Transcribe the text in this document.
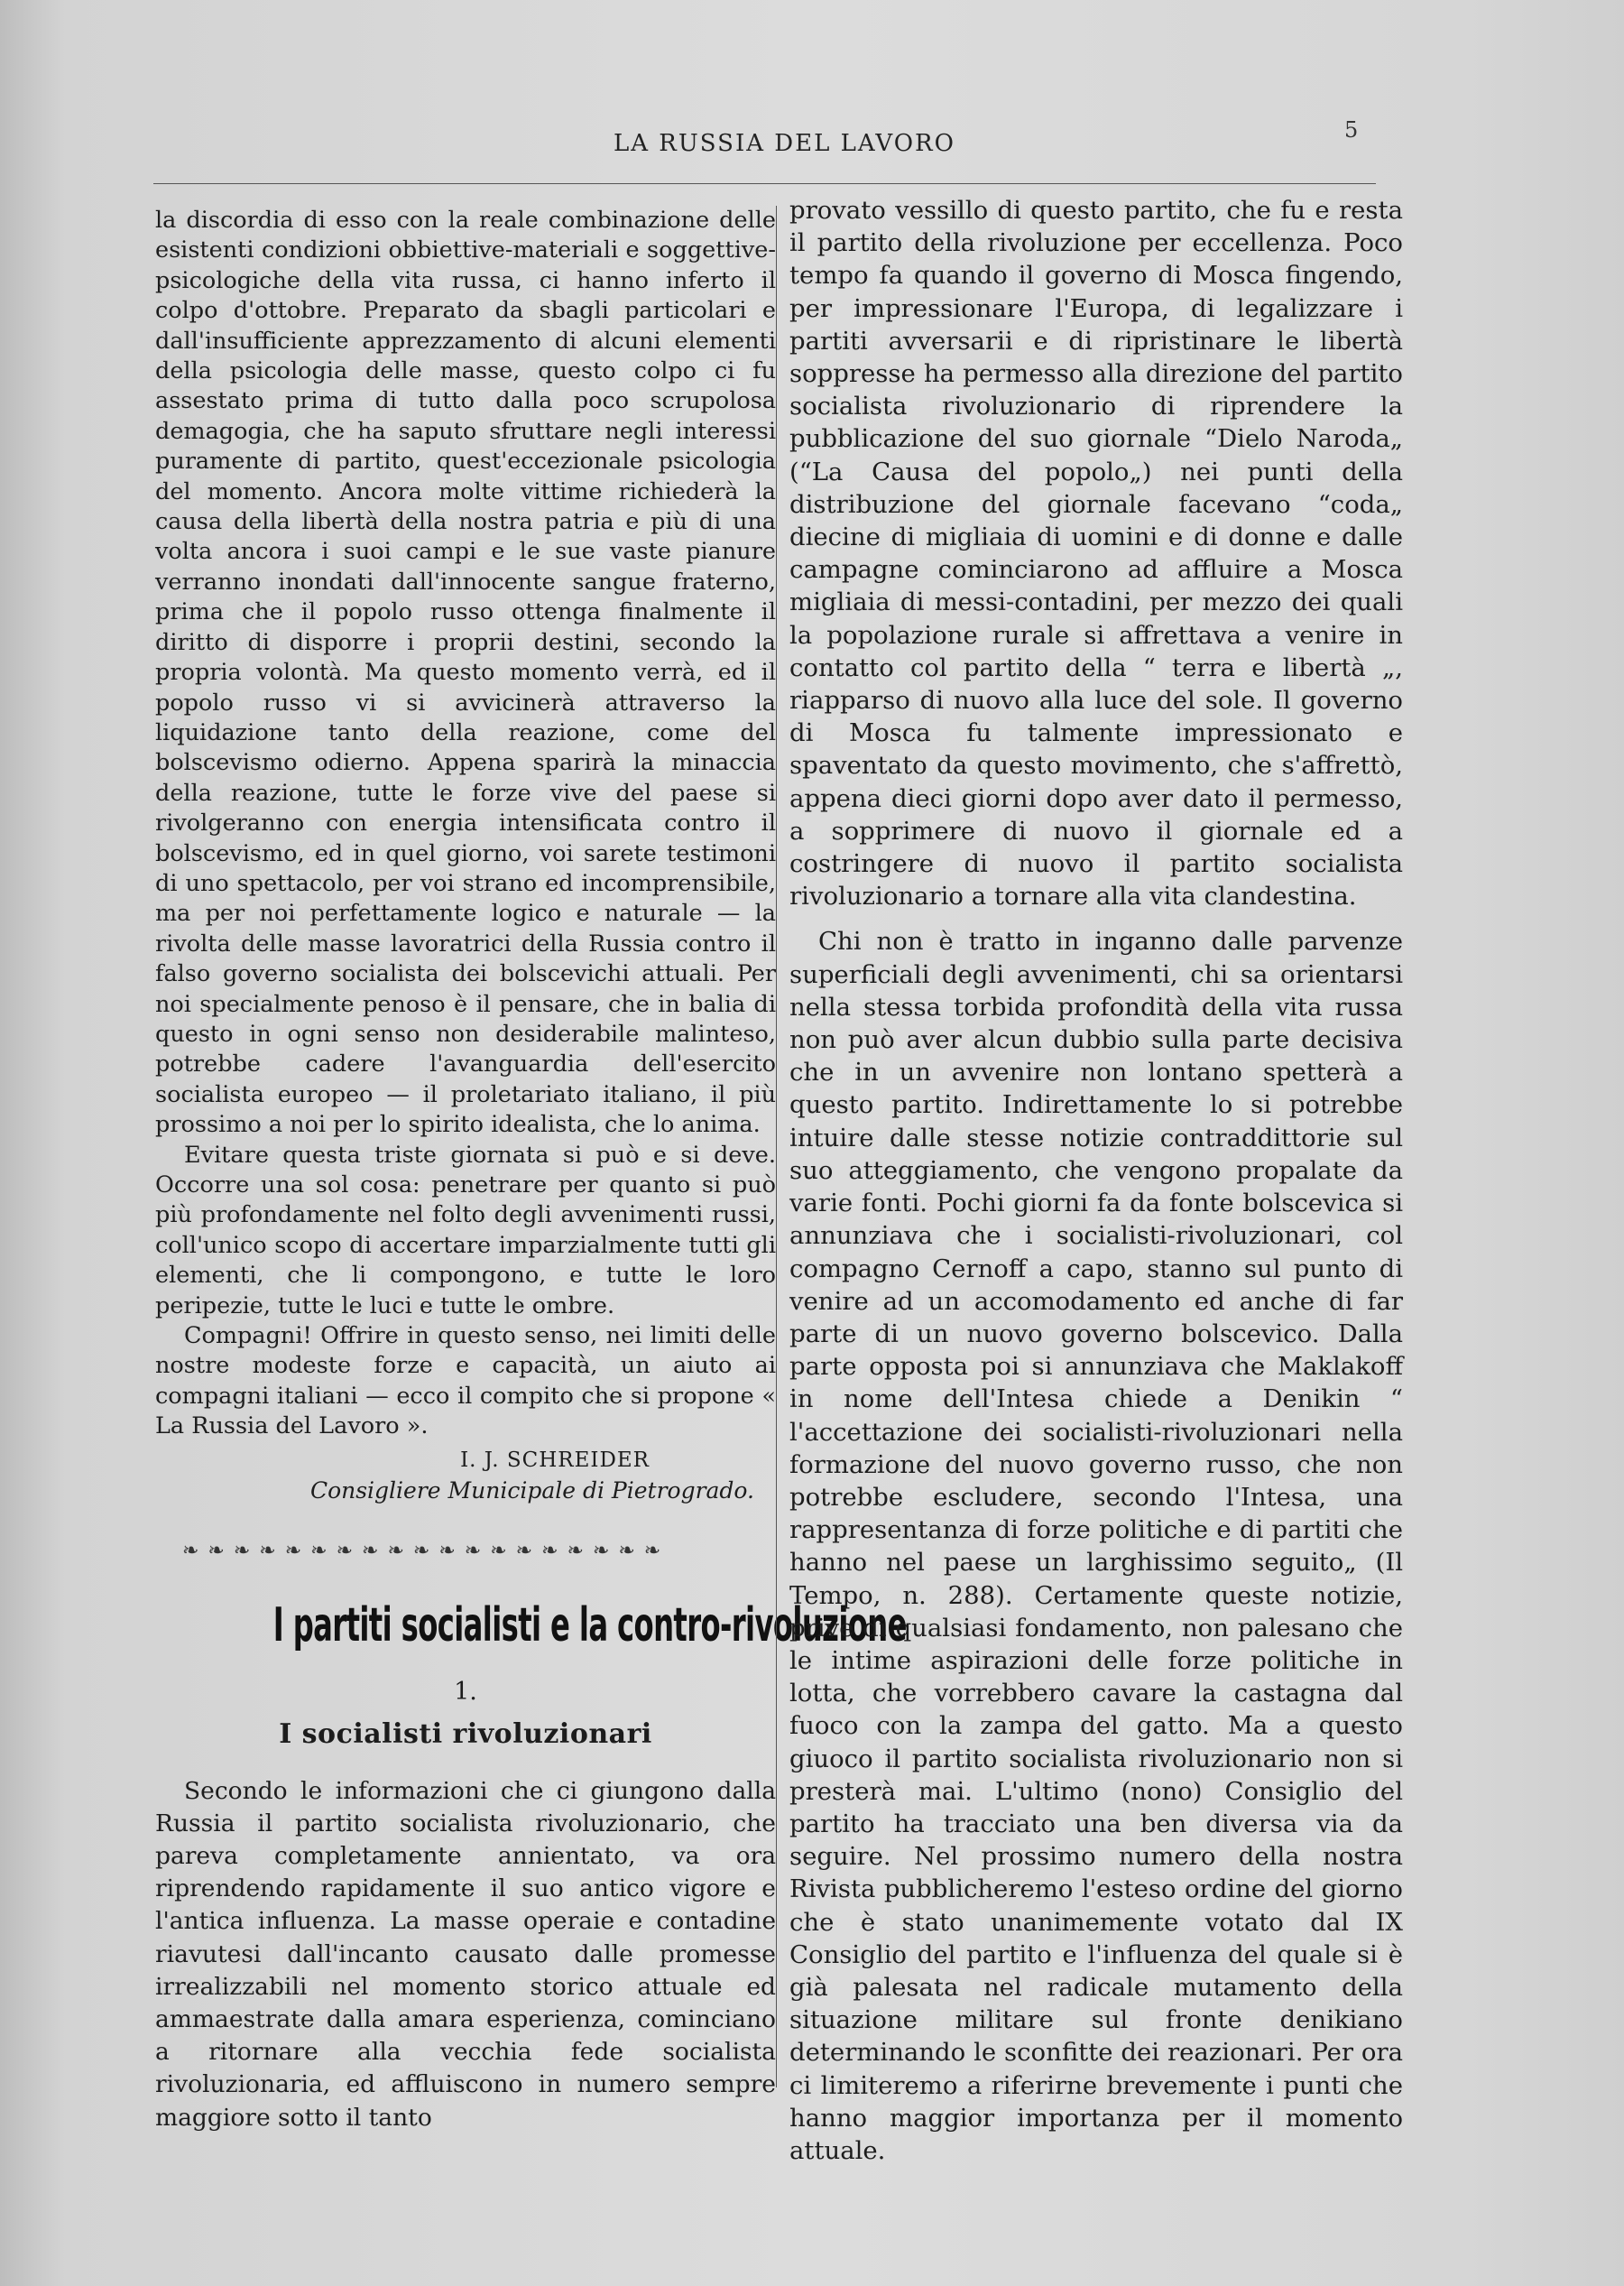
LA RUSSIA DEL LAVORO	5

la discordia di esso con la reale combinazione delle esistenti condizioni obbiettive-materiali e soggettive-psicologiche della vita russa, ci hanno inferto il colpo d'ottobre. Preparato da sbagli particolari e dall'insufficiente apprezzamento di alcuni elementi della psicologia delle masse, questo colpo ci fu assestato prima di tutto dalla poco scrupolosa demagogia, che ha saputo sfruttare negli interessi puramente di partito, quest'eccezionale psicologia del momento. Ancora molte vittime richiederà la causa della libertà della nostra patria e più di una volta ancora i suoi campi e le sue vaste pianure verranno inondati dall'innocente sangue fraterno, prima che il popolo russo ottenga finalmente il diritto di disporre i proprii destini, secondo la propria volontà. Ma questo momento verrà, ed il popolo russo vi si avvicinerà attraverso la liquidazione tanto della reazione, come del bolscevismo odierno. Appena sparirà la minaccia della reazione, tutte le forze vive del paese si rivolgeranno con energia intensificata contro il bolscevismo, ed in quel giorno, voi sarete testimoni di uno spettacolo, per voi strano ed incomprensibile, ma per noi perfettamente logico e naturale — la rivolta delle masse lavoratrici della Russia contro il falso governo socialista dei bolscevichi attuali. Per noi specialmente penoso è il pensare, che in balia di questo in ogni senso non desiderabile malinteso, potrebbe cadere l'avanguardia dell'esercito socialista europeo — il proletariato italiano, il più prossimo a noi per lo spirito idealista, che lo anima.

Evitare questa triste giornata si può e si deve. Occorre una sol cosa: penetrare per quanto si può più profondamente nel folto degli avvenimenti russi, coll'unico scopo di accertare imparzialmente tutti gli elementi, che li compongono, e tutte le loro peripezie, tutte le luci e tutte le ombre.

Compagni! Offrire in questo senso, nei limiti delle nostre modeste forze e capacità, un aiuto ai compagni italiani — ecco il compito che si propone « La Russia del Lavoro ».

I. J. SCHREIDER
Consigliere Municipale di Pietrogrado.
❧❧❧❧❧❧❧❧❧❧❧❧❧❧❧❧❧❧❧
I partiti socialisti e la contro-rivoluzione
1.
I socialisti rivoluzionari

Secondo le informazioni che ci giungono dalla Russia il partito socialista rivoluzionario, che pareva completamente annientato, va ora riprendendo rapidamente il suo antico vigore e l'antica influenza. La masse operaie e contadine riavutesi dall'incanto causato dalle promesse irrealizzabili nel momento storico attuale ed ammaestrate dalla amara esperienza, cominciano a ritornare alla vecchia fede socialista rivoluzionaria, ed affluiscono in numero sempre maggiore sotto il tanto

provato vessillo di questo partito, che fu e resta il partito della rivoluzione per eccellenza. Poco tempo fa quando il governo di Mosca fingendo, per impressionare l'Europa, di legalizzare i partiti avversarii e di ripristinare le libertà soppresse ha permesso alla direzione del partito socialista rivoluzionario di riprendere la pubblicazione del suo giornale “Dielo Naroda„ (“La Causa del popolo„) nei punti della distribuzione del giornale facevano “coda„ diecine di migliaia di uomini e di donne e dalle campagne cominciarono ad affluire a Mosca migliaia di messi-contadini, per mezzo dei quali la popolazione rurale si affrettava a venire in contatto col partito della “ terra e libertà „, riapparso di nuovo alla luce del sole. Il governo di Mosca fu talmente impressionato e spaventato da questo movimento, che s'affrettò, appena dieci giorni dopo aver dato il permesso, a sopprimere di nuovo il giornale ed a costringere di nuovo il partito socialista rivoluzionario a tornare alla vita clandestina.

Chi non è tratto in inganno dalle parvenze superficiali degli avvenimenti, chi sa orientarsi nella stessa torbida profondità della vita russa non può aver alcun dubbio sulla parte decisiva che in un avvenire non lontano spetterà a questo partito. Indirettamente lo si potrebbe intuire dalle stesse notizie contraddittorie sul suo atteggiamento, che vengono propalate da varie fonti. Pochi giorni fa da fonte bolscevica si annunziava che i socialisti-rivoluzionari, col compagno Cernoff a capo, stanno sul punto di venire ad un accomodamento ed anche di far parte di un nuovo governo bolscevico. Dalla parte opposta poi si annunziava che Maklakoff in nome dell'Intesa chiede a Denikin “ l'accettazione dei socialisti-rivoluzionari nella formazione del nuovo governo russo, che non potrebbe escludere, secondo l'Intesa, una rappresentanza di forze politiche e di partiti che hanno nel paese un larghissimo seguito„ (Il Tempo, n. 288). Certamente queste notizie, prive di qualsiasi fondamento, non palesano che le intime aspirazioni delle forze politiche in lotta, che vorrebbero cavare la castagna dal fuoco con la zampa del gatto. Ma a questo giuoco il partito socialista rivoluzionario non si presterà mai. L'ultimo (nono) Consiglio del partito ha tracciato una ben diversa via da seguire. Nel prossimo numero della nostra Rivista pubblicheremo l'esteso ordine del giorno che è stato unanimemente votato dal IX Consiglio del partito e l'influenza del quale si è già palesata nel radicale mutamento della situazione militare sul fronte denikiano determinando le sconfitte dei reazionari. Per ora ci limiteremo a riferirne brevemente i punti che hanno maggior importanza per il momento attuale.
